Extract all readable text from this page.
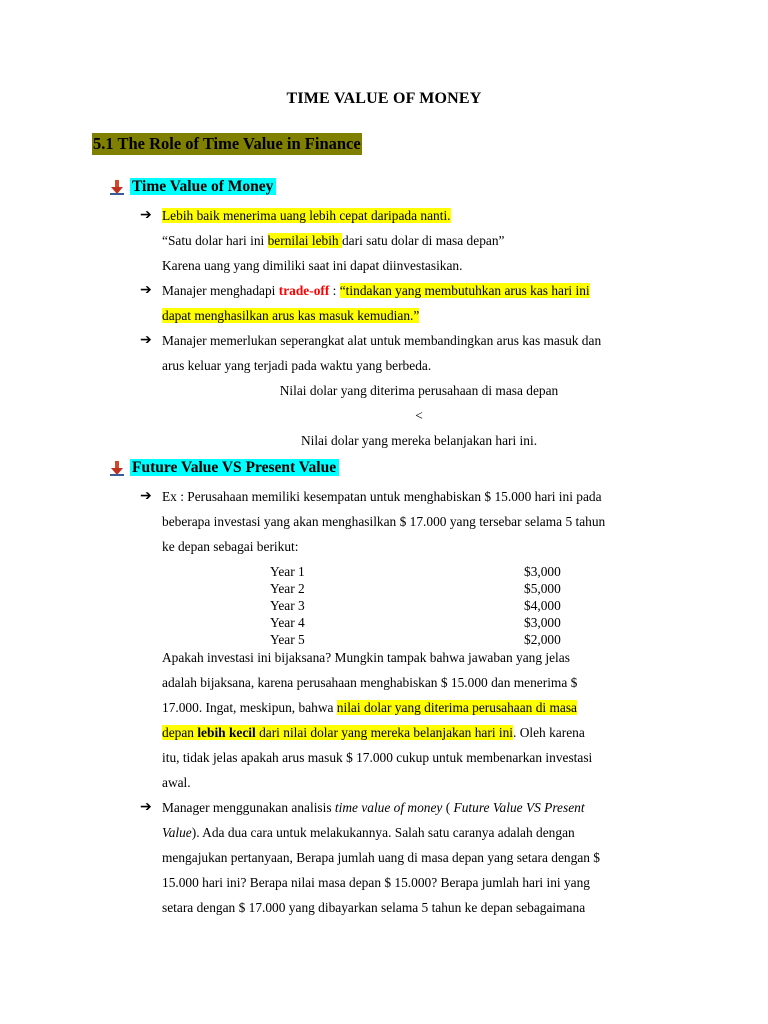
TIME VALUE OF MONEY
5.1 The Role of Time Value in Finance
Time Value of Money
➔ Lebih baik menerima uang lebih cepat daripada nanti.
“Satu dolar hari ini bernilai lebih dari satu dolar di masa depan”
Karena uang yang dimiliki saat ini dapat diinvestasikan.
➔ Manajer menghadapi trade-off : “tindakan yang membutuhkan arus kas hari ini
dapat menghasilkan arus kas masuk kemudian.”
➔ Manajer memerlukan seperangkat alat untuk membandingkan arus kas masuk dan
arus keluar yang terjadi pada waktu yang berbeda.
Nilai dolar yang diterima perusahaan di masa depan
<
Nilai dolar yang mereka belanjakan hari ini.
Future Value VS Present Value
➔ Ex : Perusahaan memiliki kesempatan untuk menghabiskan $ 15.000 hari ini pada
beberapa investasi yang akan menghasilkan $ 17.000 yang tersebar selama 5 tahun
ke depan sebagai berikut:
Year 1	$3,000
Year 2	$5,000
Year 3	$4,000
Year 4	$3,000
Year 5	$2,000
Apakah investasi ini bijaksana? Mungkin tampak bahwa jawaban yang jelas
adalah bijaksana, karena perusahaan menghabiskan $ 15.000 dan menerima $
17.000. Ingat, meskipun, bahwa nilai dolar yang diterima perusahaan di masa
depan lebih kecil dari nilai dolar yang mereka belanjakan hari ini. Oleh karena
itu, tidak jelas apakah arus masuk $ 17.000 cukup untuk membenarkan investasi
awal.
➔ Manager menggunakan analisis time value of money ( Future Value VS Present
Value). Ada dua cara untuk melakukannya. Salah satu caranya adalah dengan
mengajukan pertanyaan, Berapa jumlah uang di masa depan yang setara dengan $
15.000 hari ini? Berapa nilai masa depan $ 15.000? Berapa jumlah hari ini yang
setara dengan $ 17.000 yang dibayarkan selama 5 tahun ke depan sebagaimana
